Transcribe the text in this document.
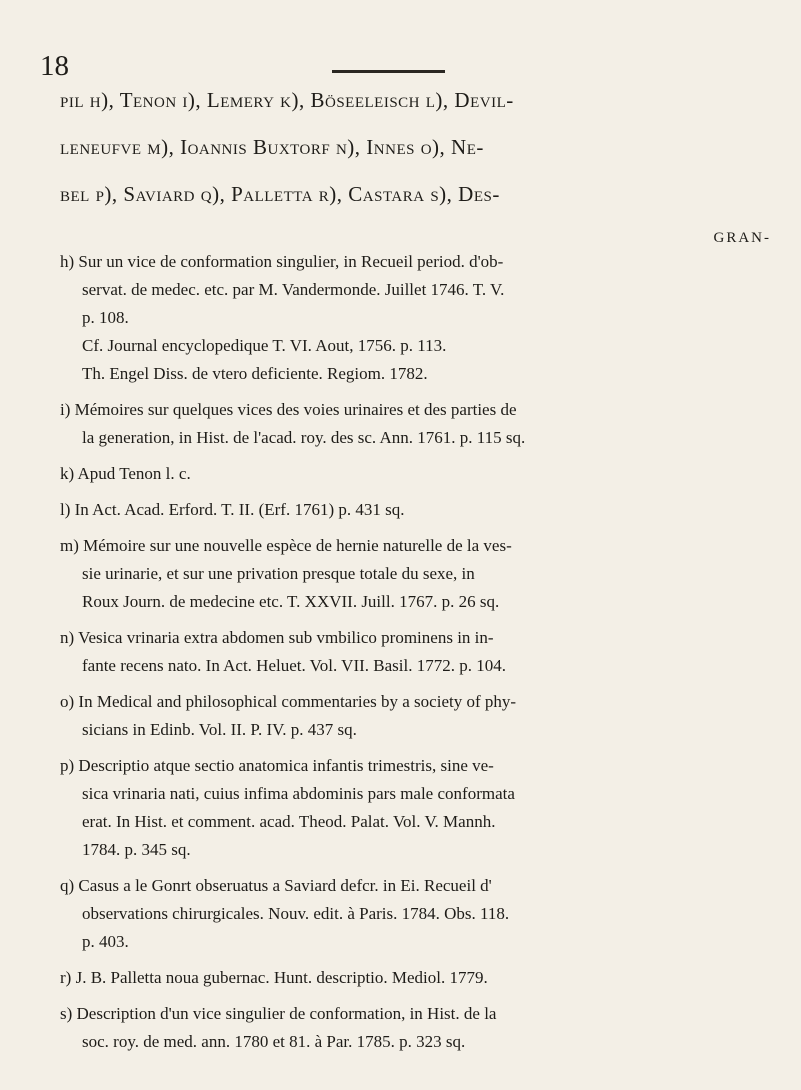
18
pil h), Tenon i), Lemery k), Böseeleisch l), Devil-
leneufve m), Ioannis Buxtorf n), Innes o), Ne-
bel p), Saviard q), Palletta r), Castara s), Des-
GRAN-
h) Sur un vice de conformation singulier, in Recueil period. d'ob-
servat. de medec. etc. par M. Vandermonde. Juillet 1746. T. V.
p. 108.
Cf. Journal encyclopedique T. VI. Aout, 1756. p. 113.
Th. Engel Diss. de vtero deficiente. Regiom. 1782.
i) Mémoires sur quelques vices des voies urinaires et des parties de
la generation, in Hist. de l'acad. roy. des sc. Ann. 1761. p. 115 sq.
k) Apud Tenon l. c.
l) In Act. Acad. Erford. T. II. (Erf. 1761) p. 431 sq.
m) Mémoire sur une nouvelle espèce de hernie naturelle de la ves-
sie urinarie, et sur une privation presque totale du sexe, in
Roux Journ. de medecine etc. T. XXVII. Juill. 1767. p. 26 sq.
n) Vesica vrinaria extra abdomen sub vmbilico prominens in in-
fante recens nato. In Act. Heluet. Vol. VII. Basil. 1772. p. 104.
o) In Medical and philosophical commentaries by a society of phy-
sicians in Edinb. Vol. II. P. IV. p. 437 sq.
p) Descriptio atque sectio anatomica infantis trimestris, sine ve-
sica vrinaria nati, cuius infima abdominis pars male conformata
erat. In Hist. et comment. acad. Theod. Palat. Vol. V. Mannh.
1784. p. 345 sq.
q) Casus a le Gonrt obseruatus a Saviard defcr. in Ei. Recueil d'
observations chirurgicales. Nouv. edit. à Paris. 1784. Obs. 118.
p. 403.
r) J. B. Palletta noua gubernac. Hunt. descriptio. Mediol. 1779.
s) Description d'un vice singulier de conformation, in Hist. de la
soc. roy. de med. ann. 1780 et 81. à Par. 1785. p. 323 sq.
